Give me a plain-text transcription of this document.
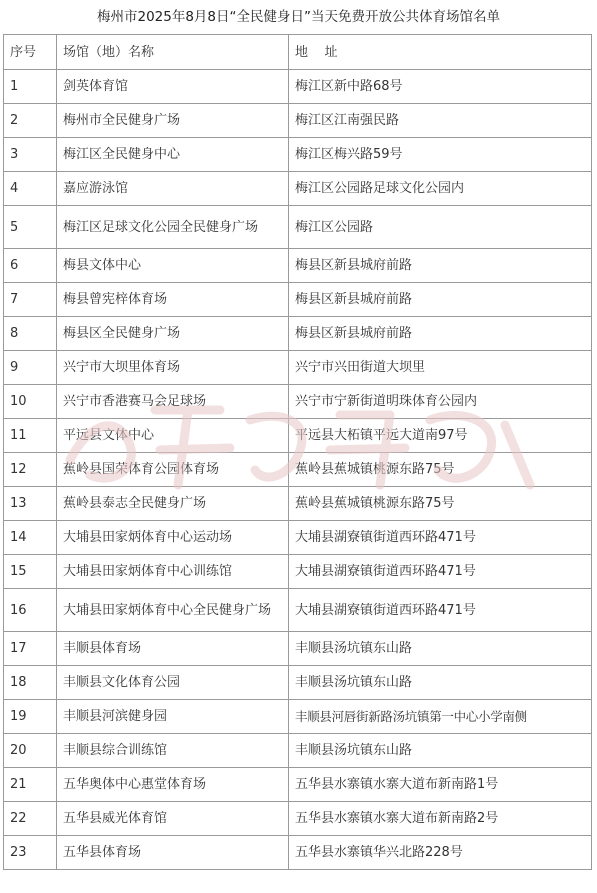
梅州市2025年8月8日“全民健身日”当天免费开放公共体育场馆名单
序号	场馆（地）名称	地    址
1	剑英体育馆	梅江区新中路68号
2	梅州市全民健身广场	梅江区江南强民路
3	梅江区全民健身中心	梅江区梅兴路59号
4	嘉应游泳馆	梅江区公园路足球文化公园内
5	梅江区足球文化公园全民健身广场	梅江区公园路
6	梅县文体中心	梅县区新县城府前路
7	梅县曾宪梓体育场	梅县区新县城府前路
8	梅县区全民健身广场	梅县区新县城府前路
9	兴宁市大坝里体育场	兴宁市兴田街道大坝里
10	兴宁市香港赛马会足球场	兴宁市宁新街道明珠体育公园内
11	平远县文体中心	平远县大柘镇平远大道南97号
12	蕉岭县国荣体育公园体育场	蕉岭县蕉城镇桃源东路75号
13	蕉岭县泰志全民健身广场	蕉岭县蕉城镇桃源东路75号
14	大埔县田家炳体育中心运动场	大埔县湖寮镇街道西环路471号
15	大埔县田家炳体育中心训练馆	大埔县湖寮镇街道西环路471号
16	大埔县田家炳体育中心全民健身广场	大埔县湖寮镇街道西环路471号
17	丰顺县体育场	丰顺县汤坑镇东山路
18	丰顺县文化体育公园	丰顺县汤坑镇东山路
19	丰顺县河滨健身园	丰顺县河唇街新路汤坑镇第一中心小学南侧
20	丰顺县综合训练馆	丰顺县汤坑镇东山路
21	五华奥体中心惠堂体育场	五华县水寨镇水寨大道布新南路1号
22	五华县威光体育馆	五华县水寨镇水寨大道布新南路2号
23	五华县体育场	五华县水寨镇华兴北路228号
